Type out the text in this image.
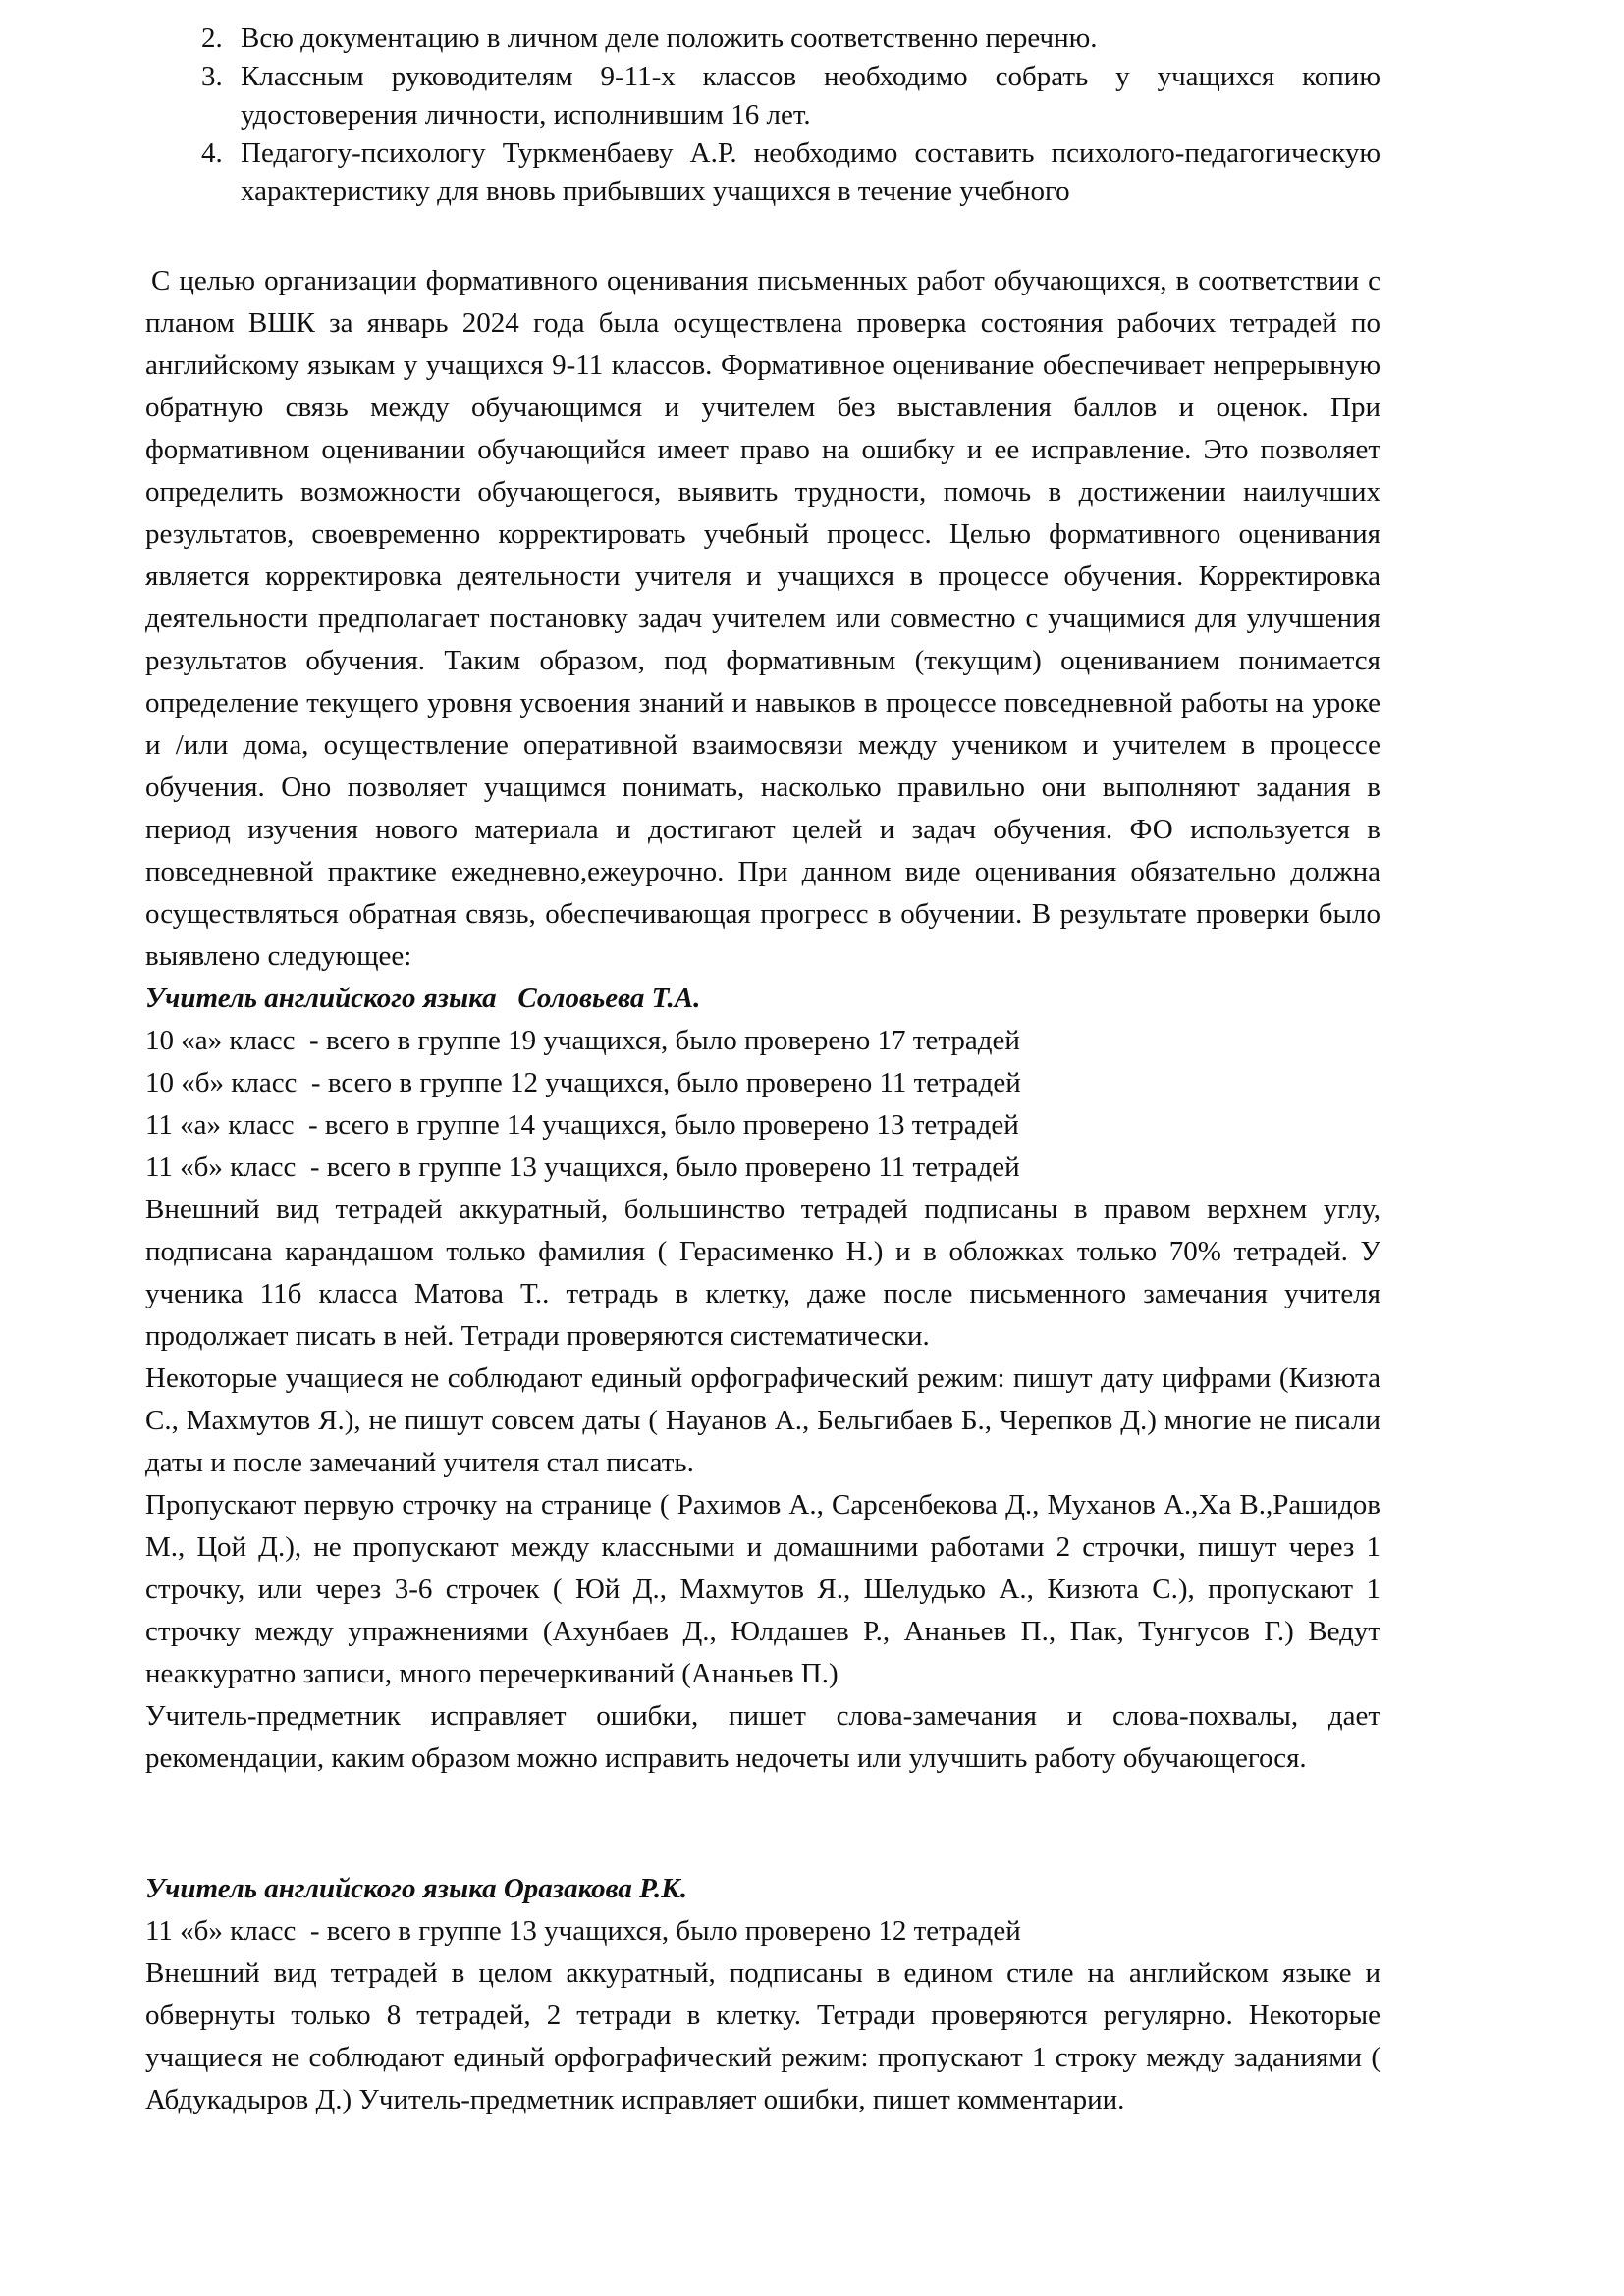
2. Всю документацию в личном деле положить соответственно перечню.
3. Классным руководителям 9-11-х классов необходимо собрать у учащихся копию удостоверения личности, исполнившим 16 лет.
4. Педагогу-психологу Туркменбаеву А.Р. необходимо составить психолого-педагогическую характеристику для вновь прибывших учащихся в течение учебного

С целью организации формативного оценивания письменных работ обучающихся, в соответствии с планом ВШК за январь 2024 года была осуществлена проверка состояния рабочих тетрадей по английскому языкам у учащихся 9-11 классов. Формативное оценивание обеспечивает непрерывную обратную связь между обучающимся и учителем без выставления баллов и оценок. При формативном оценивании обучающийся имеет право на ошибку и ее исправление. Это позволяет определить возможности обучающегося, выявить трудности, помочь в достижении наилучших результатов, своевременно корректировать учебный процесс. Целью формативного оценивания является корректировка деятельности учителя и учащихся в процессе обучения. Корректировка деятельности предполагает постановку задач учителем или совместно с учащимися для улучшения результатов обучения. Таким образом, под формативным (текущим) оцениванием понимается определение текущего уровня усвоения знаний и навыков в процессе повседневной работы на уроке и /или дома, осуществление оперативной взаимосвязи между учеником и учителем в процессе обучения. Оно позволяет учащимся понимать, насколько правильно они выполняют задания в период изучения нового материала и достигают целей и задач обучения. ФО используется в повседневной практике ежедневно,ежеурочно. При данном виде оценивания обязательно должна осуществляться обратная связь, обеспечивающая прогресс в обучении. В результате проверки было выявлено следующее:

Учитель английского языка   Соловьева Т.А.

10 «а» класс  - всего в группе 19 учащихся, было проверено 17 тетрадей
10 «б» класс  - всего в группе 12 учащихся, было проверено 11 тетрадей
11 «а» класс  - всего в группе 14 учащихся, было проверено 13 тетрадей
11 «б» класс  - всего в группе 13 учащихся, было проверено 11 тетрадей

Внешний вид тетрадей аккуратный, большинство тетрадей подписаны в правом верхнем углу, подписана карандашом только фамилия ( Герасименко Н.) и в обложках только 70% тетрадей. У ученика 11б класса Матова Т.. тетрадь в клетку, даже после письменного замечания учителя продолжает писать в ней. Тетради проверяются систематически.

Некоторые учащиеся не соблюдают единый орфографический режим: пишут дату цифрами (Кизюта С., Махмутов Я.), не пишут совсем даты ( Науанов А., Бельгибаев Б., Черепков Д.) многие не писали даты и после замечаний учителя стал писать.

Пропускают первую строчку на странице ( Рахимов А., Сарсенбекова Д., Муханов А.,Ха В.,Рашидов М., Цой Д.), не пропускают между классными и домашними работами 2 строчки, пишут через 1 строчку, или через 3-6 строчек ( Юй Д., Махмутов Я., Шелудько А., Кизюта С.), пропускают 1 строчку между упражнениями (Ахунбаев Д., Юлдашев Р., Ананьев П., Пак, Тунгусов Г.) Ведут неаккуратно записи, много перечеркиваний (Ананьев П.)

Учитель-предметник исправляет ошибки, пишет слова-замечания и слова-похвалы, дает рекомендации, каким образом можно исправить недочеты или улучшить работу обучающегося.

Учитель английского языка Оразакова Р.К.

11 «б» класс  - всего в группе 13 учащихся, было проверено 12 тетрадей

Внешний вид тетрадей в целом аккуратный, подписаны в едином стиле на английском языке и обвернуты только 8 тетрадей, 2 тетради в клетку. Тетради проверяются регулярно. Некоторые учащиеся не соблюдают единый орфографический режим: пропускают 1 строку между заданиями ( Абдукадыров Д.) Учитель-предметник исправляет ошибки, пишет комментарии.
